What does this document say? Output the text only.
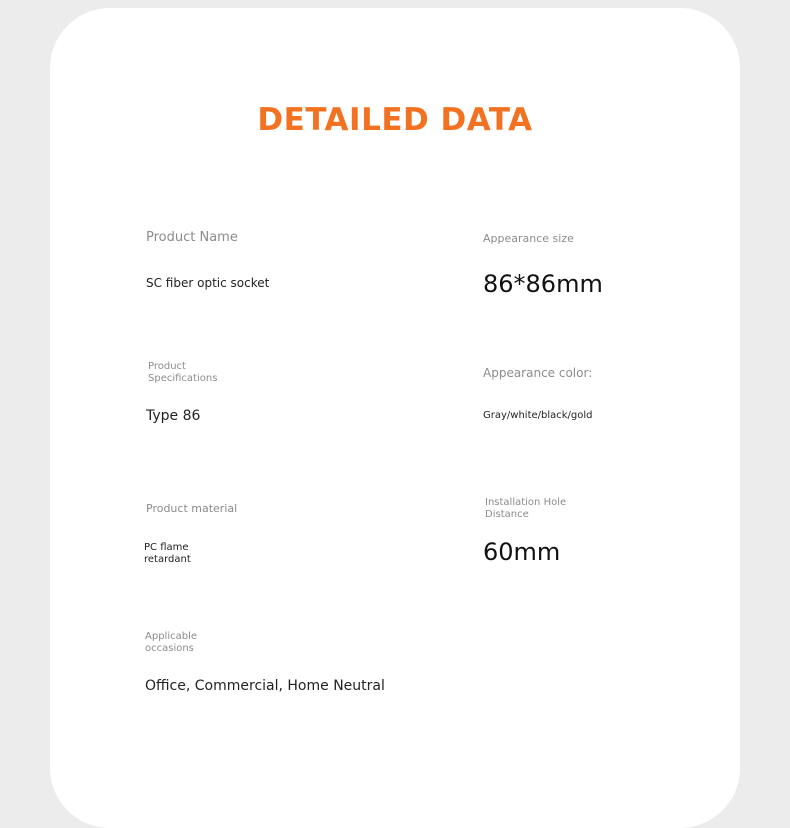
DETAILED DATA
Product Name
SC fiber optic socket
Appearance size
86*86mm
Product Specifications
Type 86
Appearance color:
Gray/white/black/gold
Product material
PC flame retardant
Installation Hole Distance
60mm
Applicable occasions
Office, Commercial, Home Neutral
